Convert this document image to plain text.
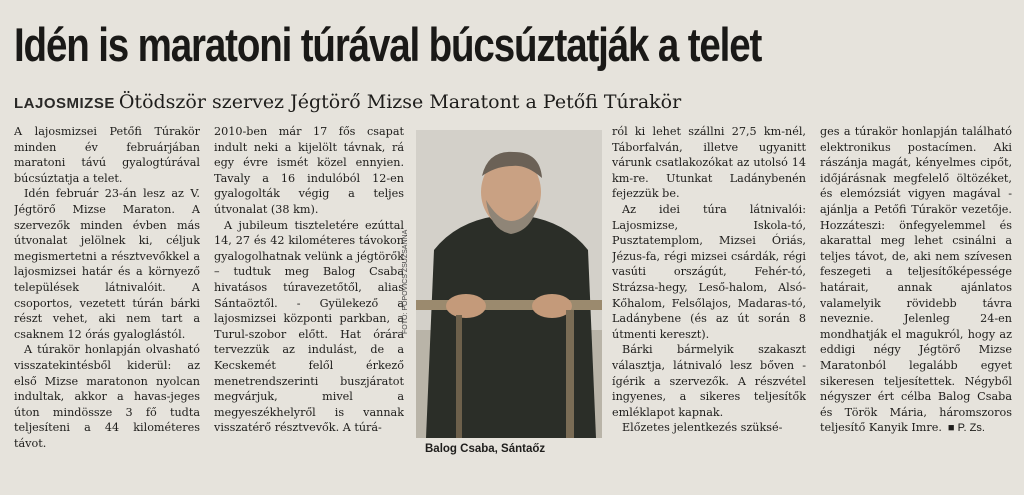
Idén is maratoni túrával búcsúztatják a telet
LAJOSMIZSE Ötödször szervez Jégtörő Mizse Maratont a Petőfi Túrakör

A lajosmizsei Petőfi Túrakör minden év februárjában maratoni távú gyalogtúrával búcsúztatja a telet.

Idén február 23-án lesz az V. Jégtörő Mizse Maraton. A szervezők minden évben más útvonalat jelölnek ki, céljuk megismertetni a résztvevőkkel a lajosmizsei határ és a környező települések látnivalóit. A csoportos, vezetett túrán bárki részt vehet, aki nem tart a csaknem 12 órás gyaloglástól.

A túrakör honlapján olvasható visszatekintésből kiderül: az első Mizse maratonon nyolcan indultak, akkor a havas-jeges úton mindössze 3 fő tudta teljesíteni a 44 kilométeres távot.

2010-ben már 17 fős csapat indult neki a kijelölt távnak, rá egy évre ismét közel ennyien. Tavaly a 16 indulóból 12-en gyalogolták végig a teljes útvonalat (38 km).

A jubileum tiszteletére ezúttal 14, 27 és 42 kilométeres távokon gyalogolhatnak velünk a jégtörők – tudtuk meg Balog Csaba hivatásos túravezetőtől, alias Sántaöztől. - Gyülekező a lajosmizsei központi parkban, a Turul-szobor előtt. Hat órára tervezzük az indulást, de a Kecskemét felől érkező menetrendszerinti buszjáratot megvárjuk, mivel a megyeszékhelyről is vannak visszatérő résztvevők. A túrá-

FOTÓ: POPOVICS ZSUZSANNA
Balog Csaba, Sántaőz

ról ki lehet szállni 27,5 km-nél, Táborfalván, illetve ugyanitt várunk csatlakozókat az utolsó 14 km-re. Utunkat Ladánybenén fejezzük be.

Az idei túra látnivalói: Lajosmizse, Iskola-tó, Pusztatemplom, Mizsei Óriás, Jézus-fa, régi mizsei csárdák, régi vasúti országút, Fehér-tó, Strázsa-hegy, Leső-halom, Alsó-Kőhalom, Felsőlajos, Madaras-tó, Ladánybene (és az út során 8 útmenti kereszt).

Bárki bármelyik szakaszt választja, látnivaló lesz bőven - ígérik a szervezők. A részvétel ingyenes, a sikeres teljesítők emléklapot kapnak.

Előzetes jelentkezés szüksé-

ges a túrakör honlapján található elektronikus postacímen. Aki rászánja magát, kényelmes cipőt, időjárásnak megfelelő öltözéket, és elemózsiát vigyen magával - ajánlja a Petőfi Túrakör vezetője. Hozzáteszi: önfegyelemmel és akarattal meg lehet csinálni a teljes távot, de, aki nem szívesen feszegeti a teljesítőképessége határait, annak ajánlatos valamelyik rövidebb távra neveznie. Jelenleg 24-en mondhatják el magukról, hogy az eddigi négy Jégtörő Mizse Maratonból legalább egyet sikeresen teljesítettek. Négyből négyszer ért célba Balog Csaba és Török Mária, háromszoros teljesítő Kanyik Imre. ■ P. Zs.
